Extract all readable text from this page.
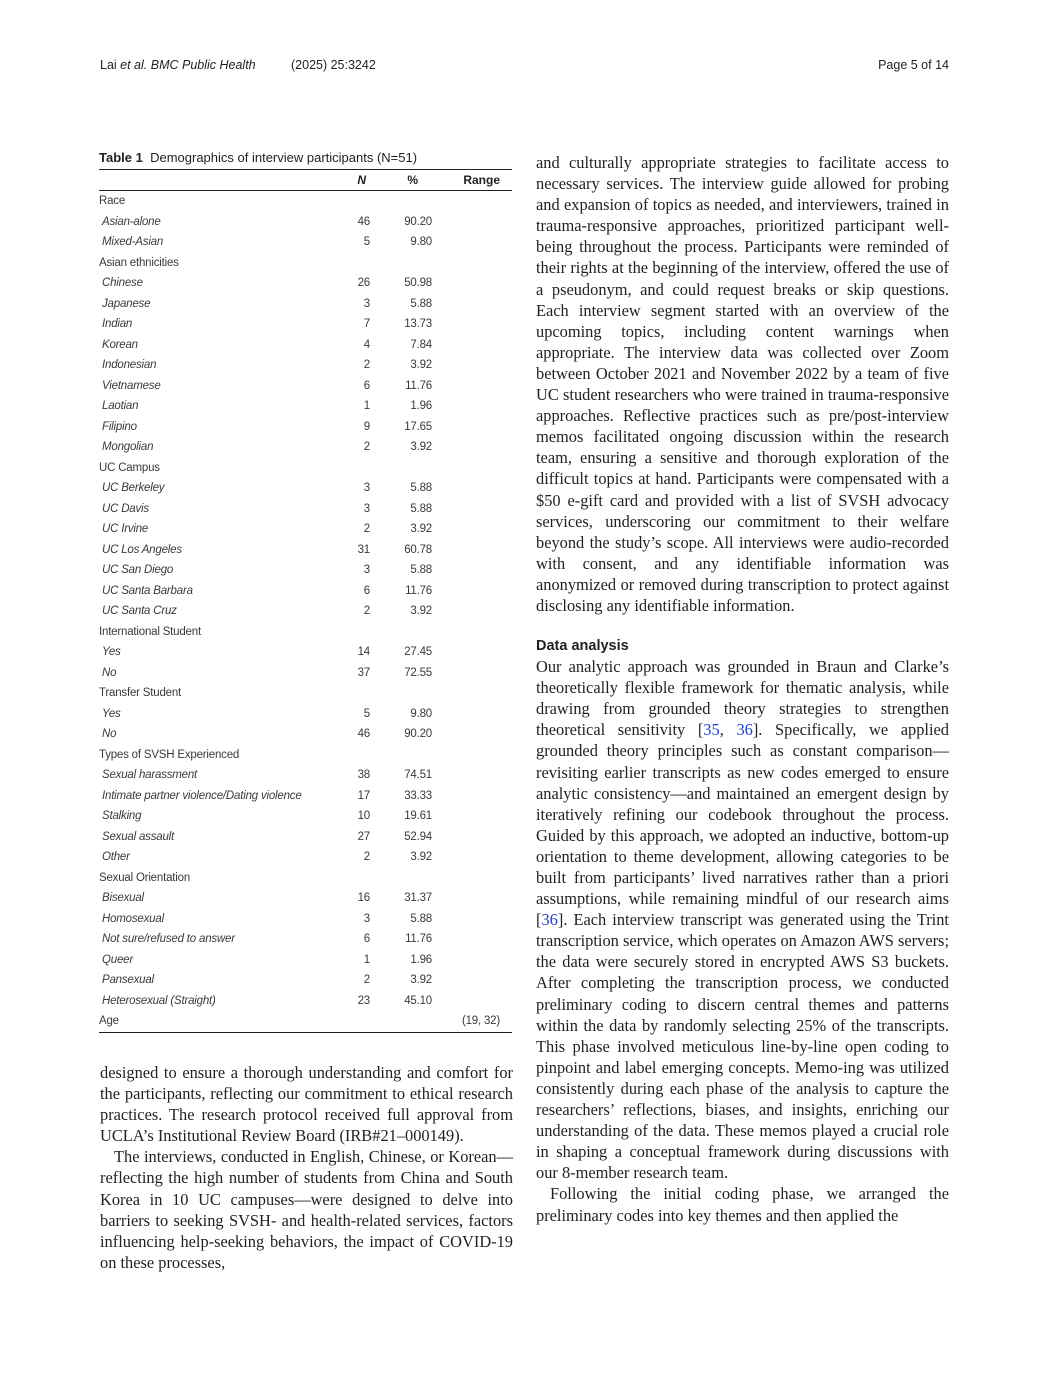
Lai et al. BMC Public Health	(2025) 25:3242	Page 5 of 14
Table 1 Demographics of interview participants (N=51)
	N	%	Range
Race			
Asian-alone	46	90.20	
Mixed-Asian	5	9.80	
Asian ethnicities			
Chinese	26	50.98	
Japanese	3	5.88	
Indian	7	13.73	
Korean	4	7.84	
Indonesian	2	3.92	
Vietnamese	6	11.76	
Laotian	1	1.96	
Filipino	9	17.65	
Mongolian	2	3.92	
UC Campus			
UC Berkeley	3	5.88	
UC Davis	3	5.88	
UC Irvine	2	3.92	
UC Los Angeles	31	60.78	
UC San Diego	3	5.88	
UC Santa Barbara	6	11.76	
UC Santa Cruz	2	3.92	
International Student			
Yes	14	27.45	
No	37	72.55	
Transfer Student			
Yes	5	9.80	
No	46	90.20	
Types of SVSH Experienced			
Sexual harassment	38	74.51	
Intimate partner violence/Dating violence	17	33.33	
Stalking	10	19.61	
Sexual assault	27	52.94	
Other	2	3.92	
Sexual Orientation			
Bisexual	16	31.37	
Homosexual	3	5.88	
Not sure/refused to answer	6	11.76	
Queer	1	1.96	
Pansexual	2	3.92	
Heterosexual (Straight)	23	45.10	
Age			(19, 32)

designed to ensure a thorough understanding and comfort for the participants, reflecting our commitment to ethical research practices. The research protocol received full approval from UCLA’s Institutional Review Board (IRB#21–000149).

The interviews, conducted in English, Chinese, or Korean—reflecting the high number of students from China and South Korea in 10 UC campuses—were designed to delve into barriers to seeking SVSH- and health-related services, factors influencing help-seeking behaviors, the impact of COVID-19 on these processes,

and culturally appropriate strategies to facilitate access to necessary services. The interview guide allowed for probing and expansion of topics as needed, and interviewers, trained in trauma-responsive approaches, prioritized participant well-being throughout the process. Participants were reminded of their rights at the beginning of the interview, offered the use of a pseudonym, and could request breaks or skip questions. Each interview segment started with an overview of the upcoming topics, including content warnings when appropriate. The interview data was collected over Zoom between October 2021 and November 2022 by a team of five UC student researchers who were trained in trauma-responsive approaches. Reflective practices such as pre/post-interview memos facilitated ongoing discussion within the research team, ensuring a sensitive and thorough exploration of the difficult topics at hand. Participants were compensated with a $50 e-gift card and provided with a list of SVSH advocacy services, underscoring our commitment to their welfare beyond the study’s scope. All interviews were audio-recorded with consent, and any identifiable information was anonymized or removed during transcription to protect against disclosing any identifiable information.

Data analysis

Our analytic approach was grounded in Braun and Clarke’s theoretically flexible framework for thematic analysis, while drawing from grounded theory strategies to strengthen theoretical sensitivity [35, 36]. Specifically, we applied grounded theory principles such as constant comparison—revisiting earlier transcripts as new codes emerged to ensure analytic consistency—and maintained an emergent design by iteratively refining our codebook throughout the process. Guided by this approach, we adopted an inductive, bottom-up orientation to theme development, allowing categories to be built from participants’ lived narratives rather than a priori assumptions, while remaining mindful of our research aims [36]. Each interview transcript was generated using the Trint transcription service, which operates on Amazon AWS servers; the data were securely stored in encrypted AWS S3 buckets. After completing the transcription process, we conducted preliminary coding to discern central themes and patterns within the data by randomly selecting 25% of the transcripts. This phase involved meticulous line-by-line open coding to pinpoint and label emerging concepts. Memo-ing was utilized consistently during each phase of the analysis to capture the researchers’ reflections, biases, and insights, enriching our understanding of the data. These memos played a crucial role in shaping a conceptual framework during discussions with our 8-member research team.

Following the initial coding phase, we arranged the preliminary codes into key themes and then applied the
